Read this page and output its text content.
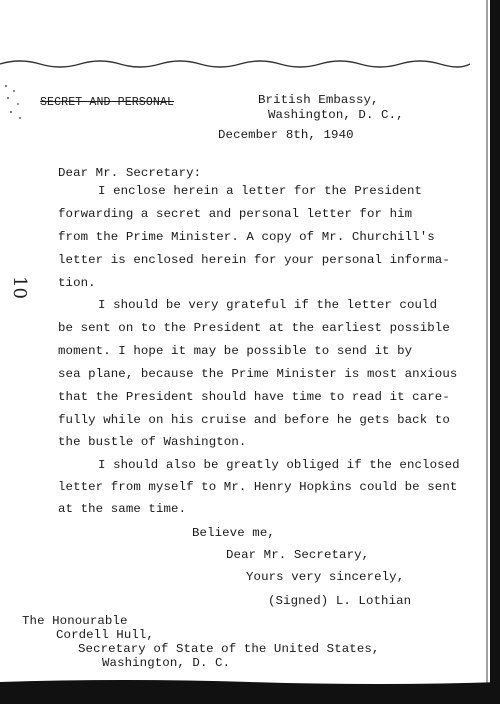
SECRET AND PERSONAL	British Embassy,
Washington, D. C.,
December 8th, 1940
Dear Mr. Secretary:
I enclose herein a letter for the President
forwarding a secret and personal letter for him
from the Prime Minister. A copy of Mr. Churchill's
letter is enclosed herein for your personal informa-
tion.
I should be very grateful if the letter could
be sent on to the President at the earliest possible
moment. I hope it may be possible to send it by
sea plane, because the Prime Minister is most anxious
that the President should have time to read it care-
fully while on his cruise and before he gets back to
the bustle of Washington.
I should also be greatly obliged if the enclosed
letter from myself to Mr. Henry Hopkins could be sent
at the same time.
Believe me,
Dear Mr. Secretary,
Yours very sincerely,
(Signed) L. Lothian
The Honourable
Cordell Hull,
Secretary of State of the United States,
Washington, D. C.
10
